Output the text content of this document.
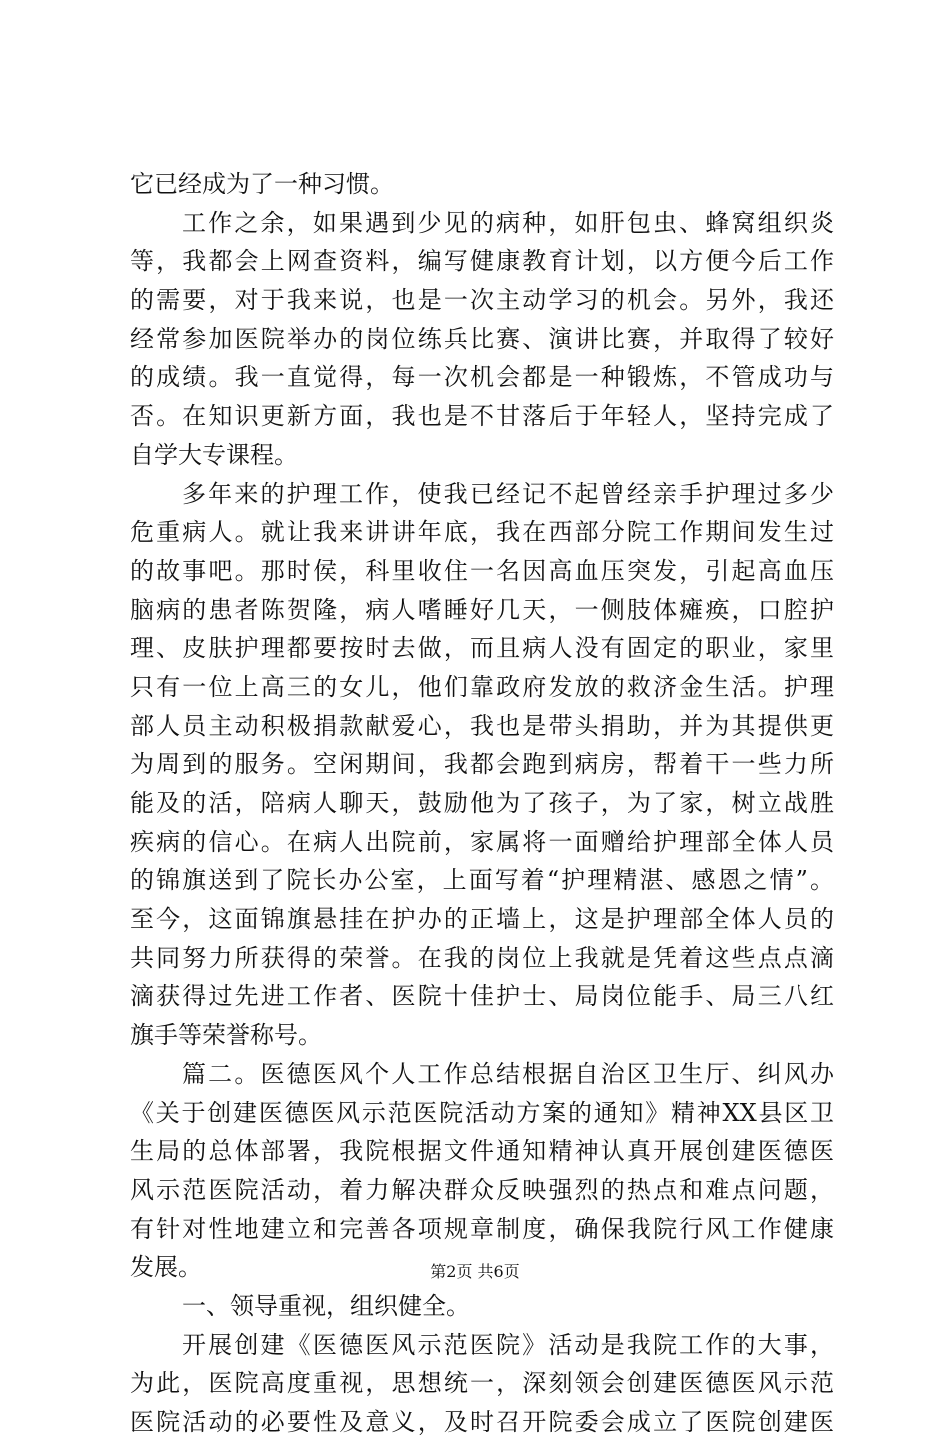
它已经成为了一种习惯。
工作之余，如果遇到少见的病种，如肝包虫、蜂窝组织炎
等，我都会上网查资料，编写健康教育计划，以方便今后工作
的需要，对于我来说，也是一次主动学习的机会。另外，我还
经常参加医院举办的岗位练兵比赛、演讲比赛，并取得了较好
的成绩。我一直觉得，每一次机会都是一种锻炼，不管成功与
否。在知识更新方面，我也是不甘落后于年轻人，坚持完成了
自学大专课程。
多年来的护理工作，使我已经记不起曾经亲手护理过多少
危重病人。就让我来讲讲年底，我在西部分院工作期间发生过
的故事吧。那时侯，科里收住一名因高血压突发，引起高血压
脑病的患者陈贺隆，病人嗜睡好几天，一侧肢体瘫痪，口腔护
理、皮肤护理都要按时去做，而且病人没有固定的职业，家里
只有一位上高三的女儿，他们靠政府发放的救济金生活。护理
部人员主动积极捐款献爱心，我也是带头捐助，并为其提供更
为周到的服务。空闲期间，我都会跑到病房，帮着干一些力所
能及的活，陪病人聊天，鼓励他为了孩子，为了家，树立战胜
疾病的信心。在病人出院前，家属将一面赠给护理部全体人员
的锦旗送到了院长办公室，上面写着“护理精湛、感恩之情”。
至今，这面锦旗悬挂在护办的正墙上，这是护理部全体人员的
共同努力所获得的荣誉。在我的岗位上我就是凭着这些点点滴
滴获得过先进工作者、医院十佳护士、局岗位能手、局三八红
旗手等荣誉称号。
篇二。医德医风个人工作总结根据自治区卫生厅、纠风办
《关于创建医德医风示范医院活动方案的通知》精神XX县区卫
生局的总体部署，我院根据文件通知精神认真开展创建医德医
风示范医院活动，着力解决群众反映强烈的热点和难点问题，
有针对性地建立和完善各项规章制度，确保我院行风工作健康
发展。
一、领导重视，组织健全。
开展创建《医德医风示范医院》活动是我院工作的大事，
为此，医院高度重视，思想统一，深刻领会创建医德医风示范
医院活动的必要性及意义，及时召开院委会成立了医院创建医
第2页 共6页
